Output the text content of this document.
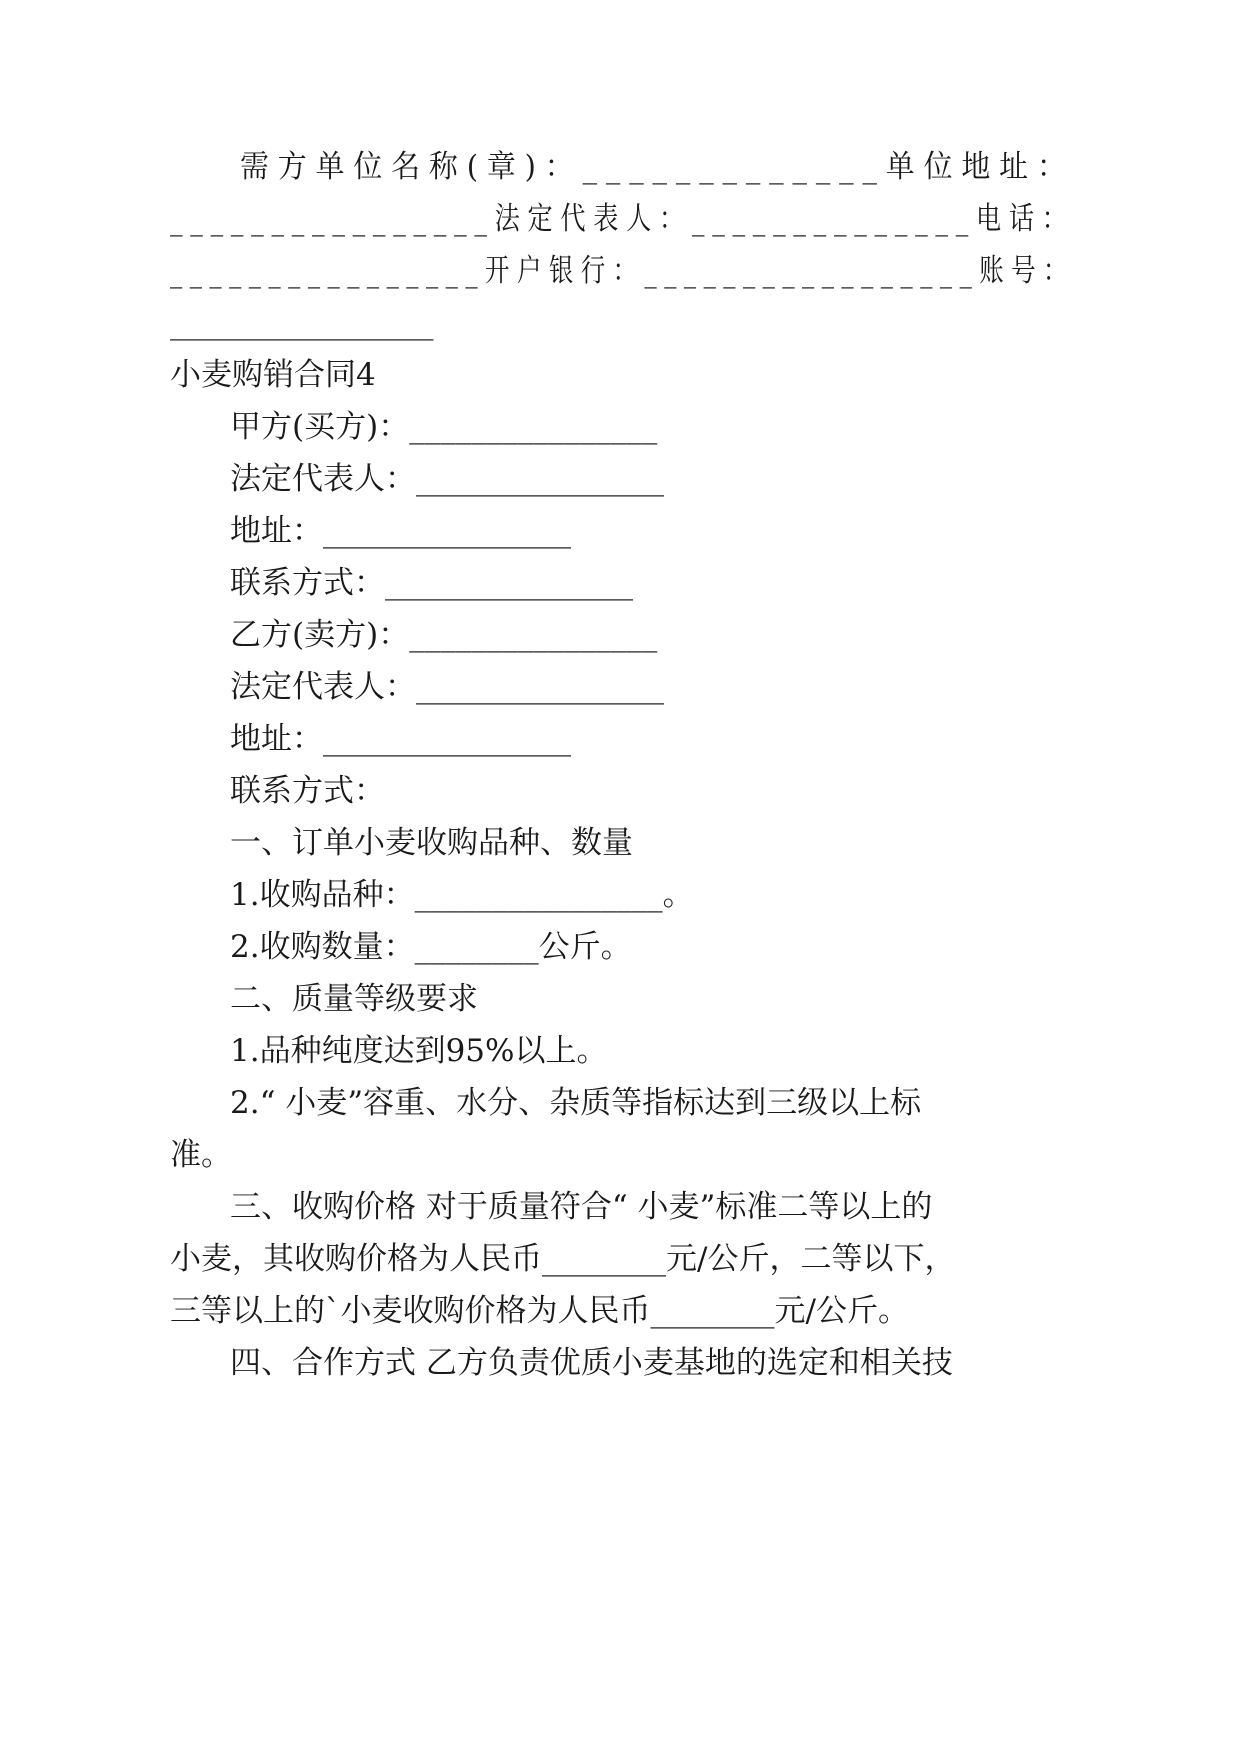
需方单位名称(章)：_____________单位地址：
________________法定代表人：______________电话：
________________开户银行：_________________账号：
_________________
小麦购销合同4
甲方(买方)：________________
法定代表人：________________
地址：________________
联系方式：________________
乙方(卖方)：________________
法定代表人：________________
地址：________________
联系方式：
一、订单小麦收购品种、数量
1.收购品种：________________。
2.收购数量：________公斤。
二、质量等级要求
1.品种纯度达到95%以上。
2.“ 小麦”容重、水分、杂质等指标达到三级以上标
准。
三、收购价格 对于质量符合“ 小麦”标准二等以上的
小麦，其收购价格为人民币________元/公斤，二等以下，
三等以上的`小麦收购价格为人民币________元/公斤。
四、合作方式 乙方负责优质小麦基地的选定和相关技
